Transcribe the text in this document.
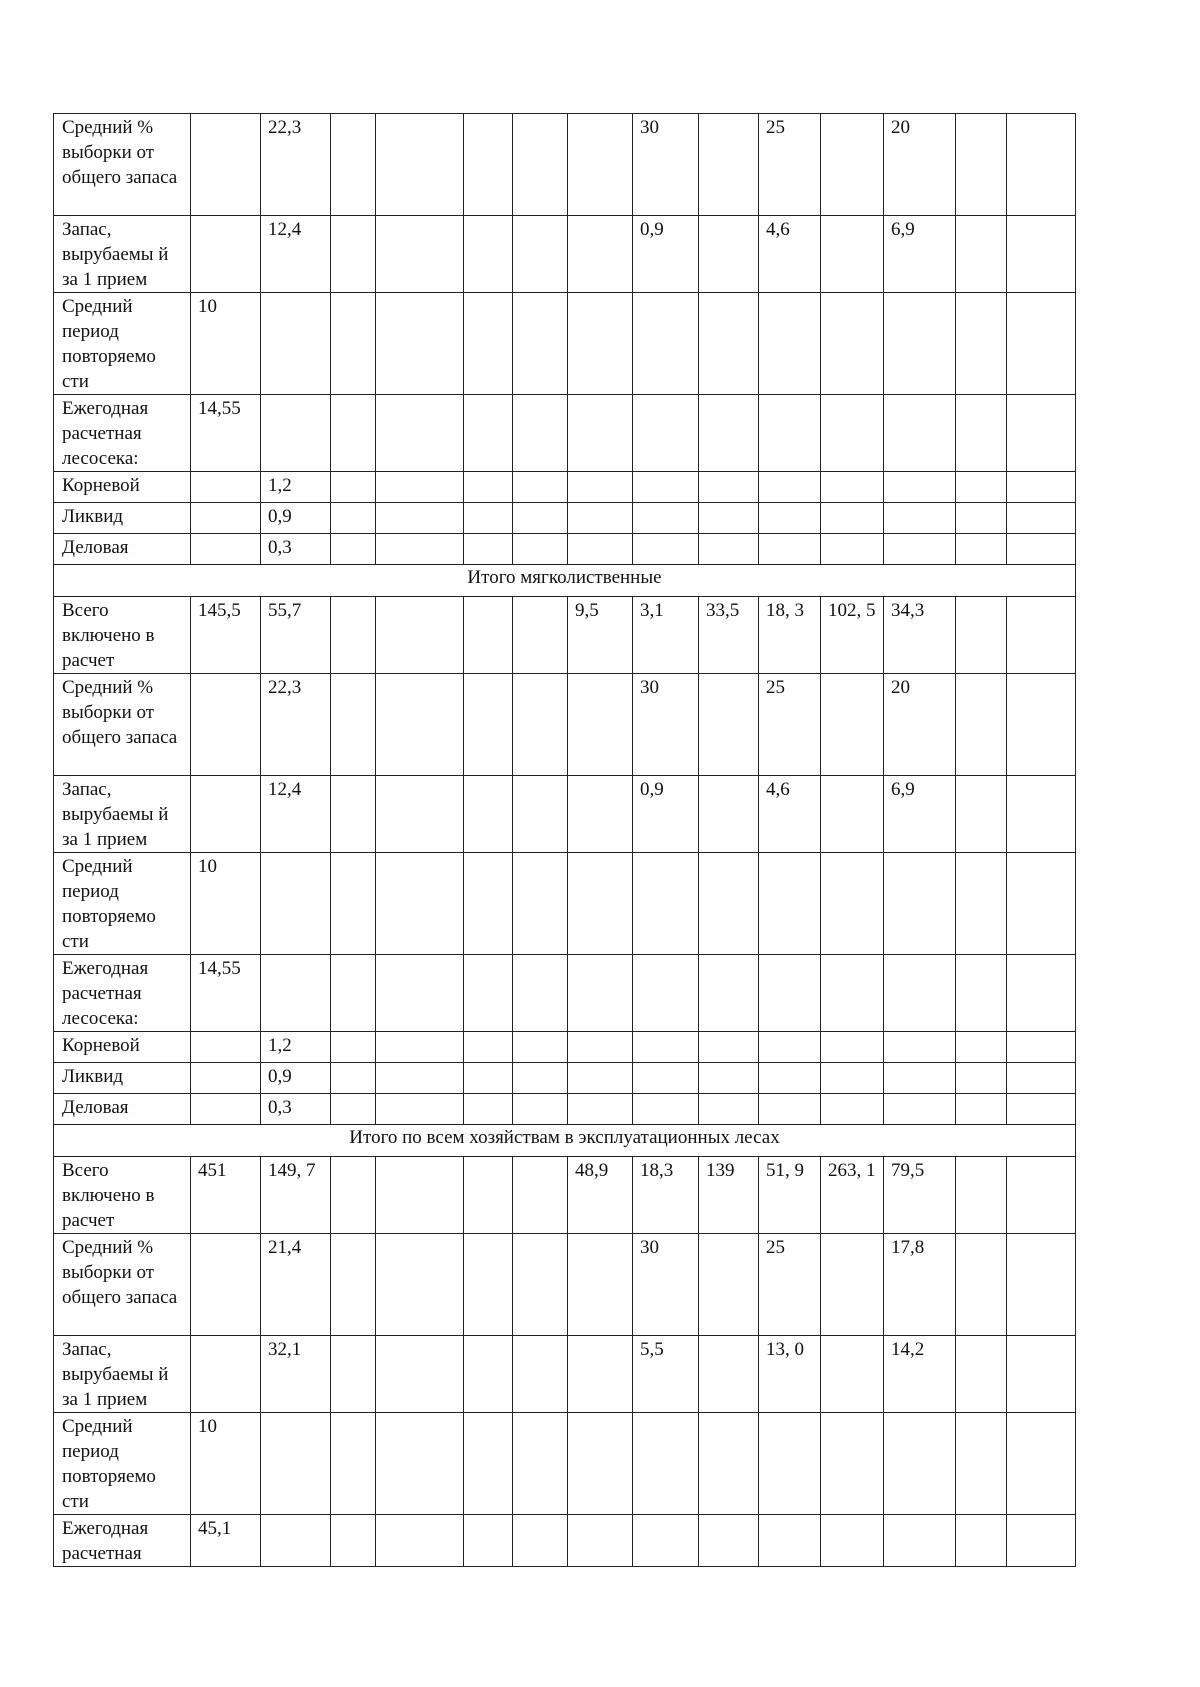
Средний % выборки от общего запаса		22,3						30		25		20		
Запас, вырубаемы й за 1 прием		12,4						0,9		4,6		6,9		
Средний период повторяемо сти	10													
Ежегодная расчетная лесосека:	14,55													
Корневой		1,2												
Ликвид		0,9												
Деловая		0,3												
Итого мягколиственные														
Всего включено в расчет	145,5	55,7					9,5	3,1	33,5	18, 3	102, 5	34,3		
Средний % выборки от общего запаса		22,3						30		25		20		
Запас, вырубаемы й за 1 прием		12,4						0,9		4,6		6,9		
Средний период повторяемо сти	10													
Ежегодная расчетная лесосека:	14,55													
Корневой		1,2												
Ликвид		0,9												
Деловая		0,3												
Итого по всем хозяйствам в эксплуатационных лесах														
Всего включено в расчет	451	149, 7					48,9	18,3	139	51, 9	263, 1	79,5		
Средний % выборки от общего запаса		21,4						30		25		17,8		
Запас, вырубаемы й за 1 прием		32,1						5,5		13, 0		14,2		
Средний период повторяемо сти	10													
Ежегодная расчетная	45,1													
